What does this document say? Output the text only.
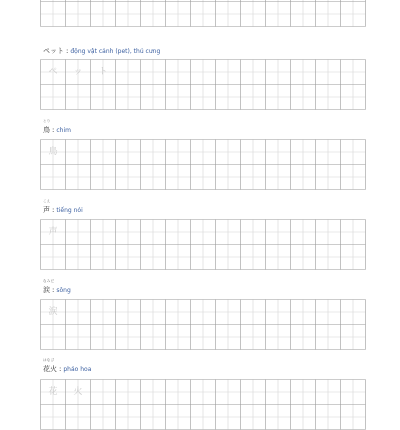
ペット : động vật cảnh (pet), thú cưng
ペ	ッ	ト
とり
鳥 : chim
鳥
こえ
声 : tiếng nói
声
なみだ
涙 : sông
涙
はなび
花火 : pháo hoa
花	火
